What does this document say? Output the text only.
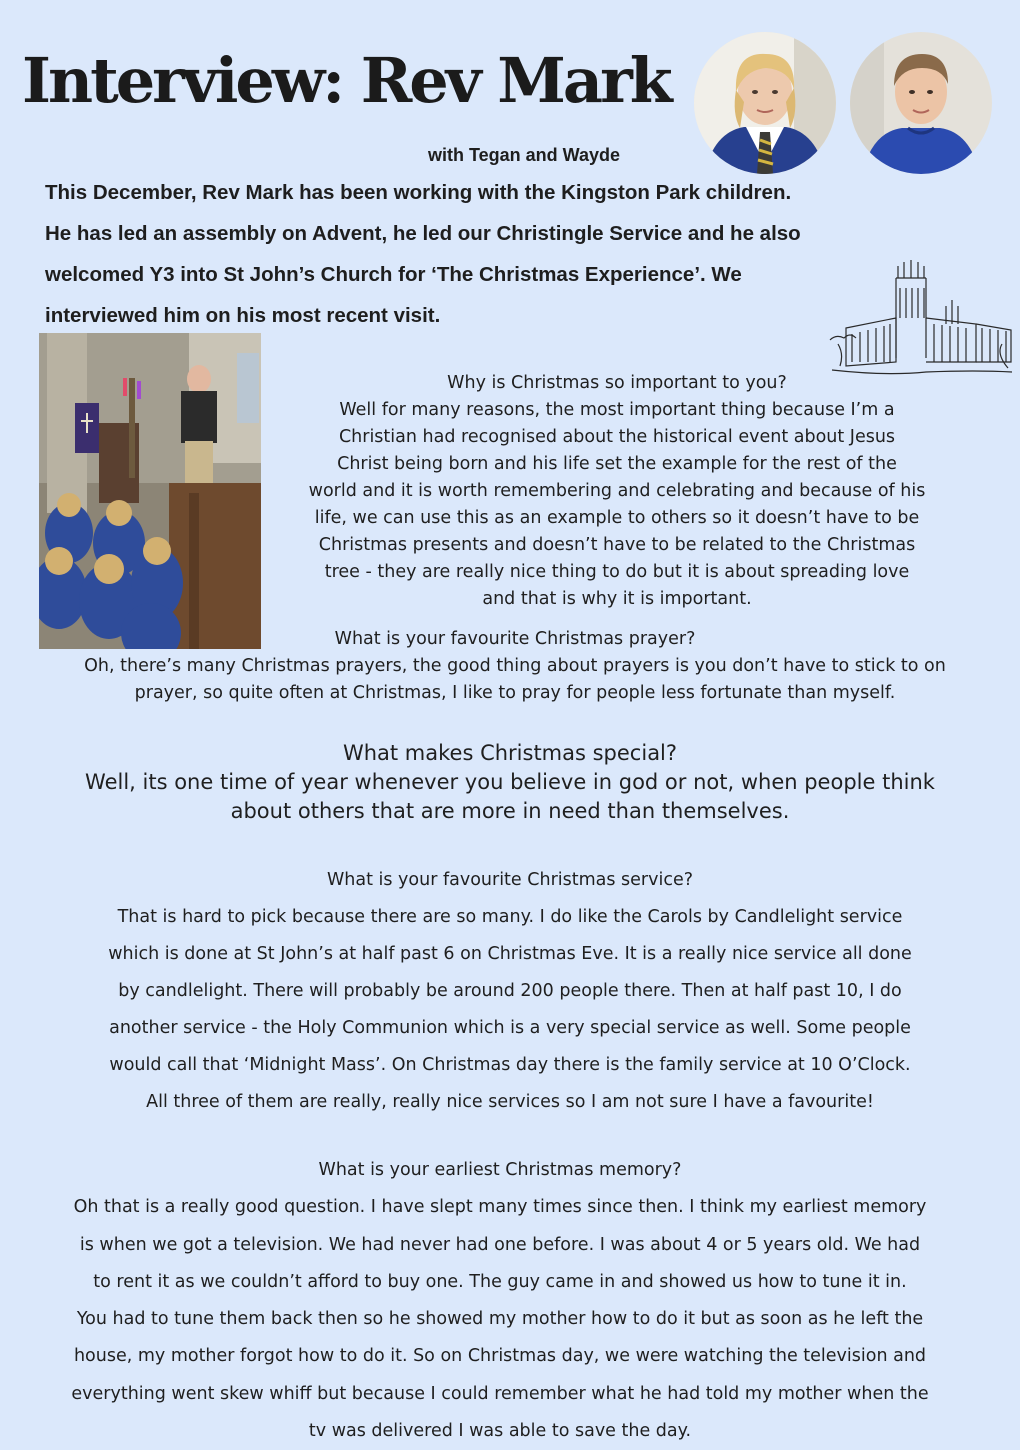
Interview: Rev Mark
with Tegan and Wayde
This December, Rev Mark has been working with the Kingston Park children.
He has led an assembly on Advent, he led our Christingle Service and he also
welcomed Y3 into St John’s Church for ‘The Christmas Experience’. We
interviewed him on his most recent visit.
Why is Christmas so important to you?
Well for many reasons, the most important thing because I’m a
Christian had recognised about the historical event about Jesus
Christ being born and his life set the example for the rest of the
world and it is worth remembering and celebrating and because of his
life, we can use this as an example to others so it doesn’t have to be
Christmas presents and doesn’t have to be related to the Christmas
tree - they are really nice thing to do but it is about spreading love
and that is why it is important.
What is your favourite Christmas prayer?
Oh, there’s many Christmas prayers, the good thing about prayers is you don’t have to stick to on
prayer, so quite often at Christmas, I like to pray for people less fortunate than myself.
What makes Christmas special?
Well, its one time of year whenever you believe in god or not, when people think
about others that are more in need than themselves.
What is your favourite Christmas service?
That is hard to pick because there are so many. I do like the Carols by Candlelight service
which is done at St John’s at half past 6 on Christmas Eve. It is a really nice service all done
by candlelight. There will probably be around 200 people there. Then at half past 10, I do
another service - the Holy Communion which is a very special service as well. Some people
would call that ‘Midnight Mass’. On Christmas day there is the family service at 10 O’Clock.
All three of them are really, really nice services so I am not sure I have a favourite!
What is your earliest Christmas memory?
Oh that is a really good question. I have slept many times since then. I think my earliest memory
is when we got a television. We had never had one before. I was about 4 or 5 years old. We had
to rent it as we couldn’t afford to buy one. The guy came in and showed us how to tune it in.
You had to tune them back then so he showed my mother how to do it but as soon as he left the
house, my mother forgot how to do it. So on Christmas day, we were watching the television and
everything went skew whiff but because I could remember what he had told my mother when the
tv was delivered I was able to save the day.
